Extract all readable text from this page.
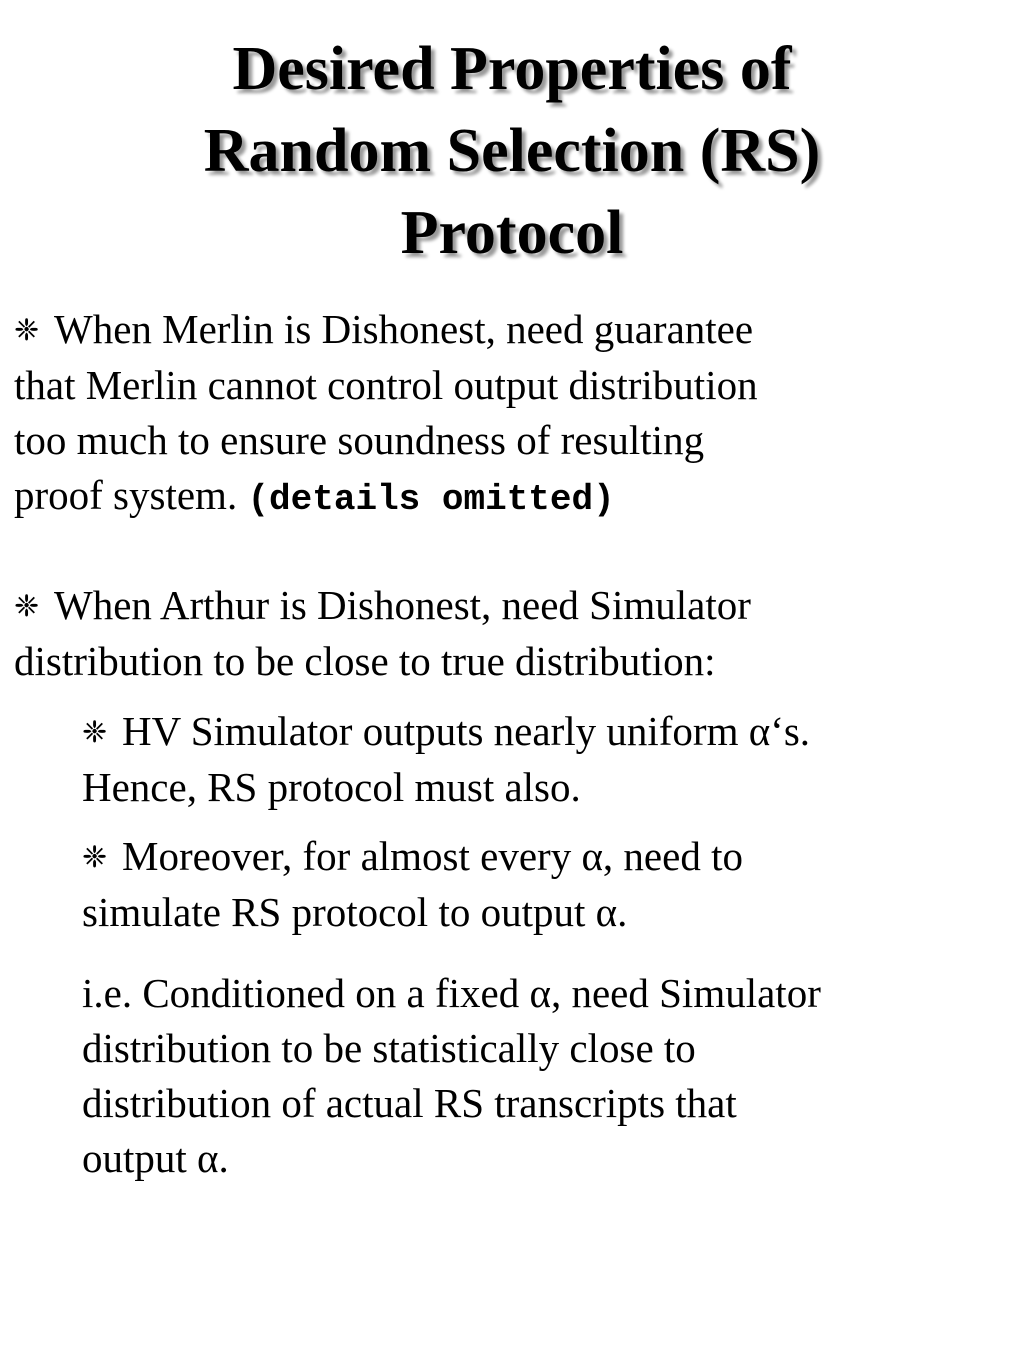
Desired Properties of
Random Selection (RS)
Protocol
❈ When Merlin is Dishonest, need guarantee
that Merlin cannot control output distribution
too much to ensure soundness of resulting
proof system. (details omitted)
❈ When Arthur is Dishonest, need Simulator
distribution to be close to true distribution:
❈ HV Simulator outputs nearly uniform α‘s.
Hence, RS protocol must also.
❈ Moreover, for almost every α, need to
simulate RS protocol to output α.
i.e. Conditioned on a fixed α, need Simulator
distribution to be statistically close to
distribution of actual RS transcripts that
output α.
